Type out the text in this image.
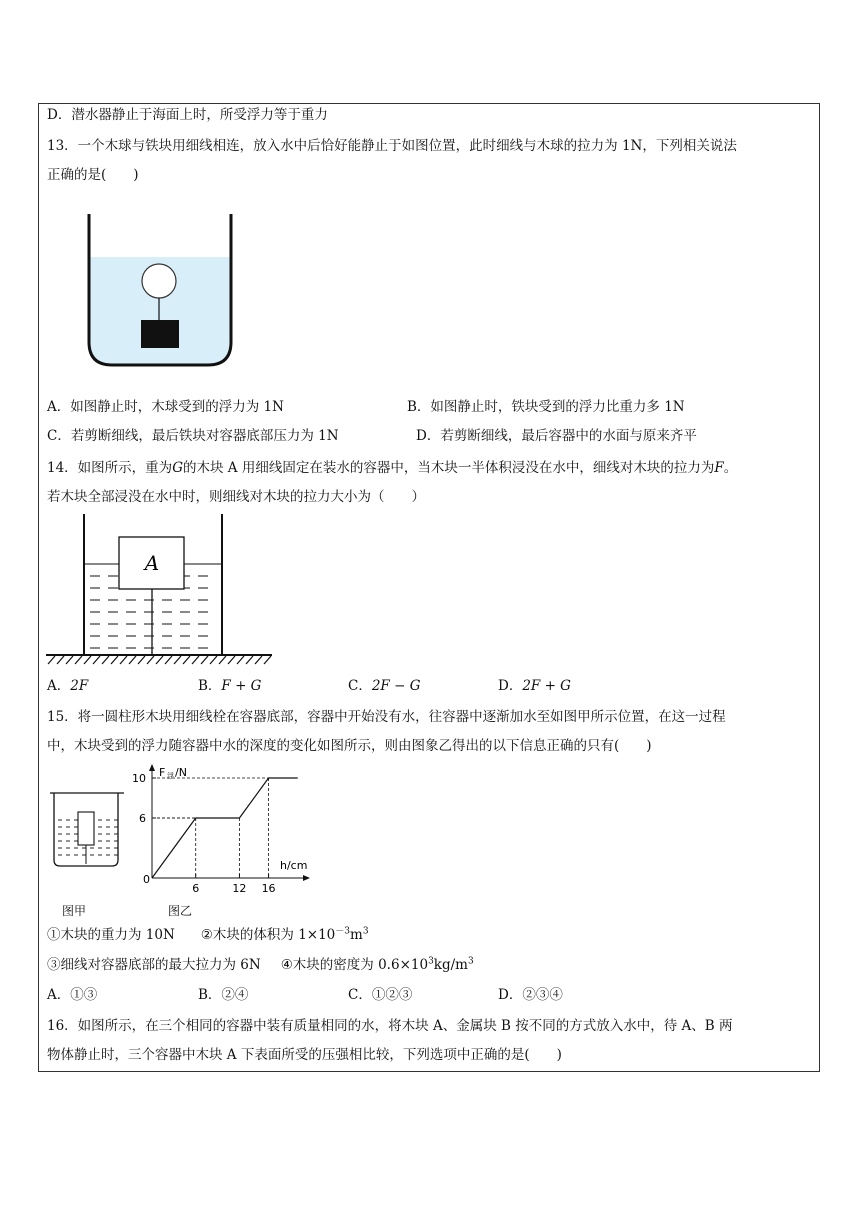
D．潜水器静止于海面上时，所受浮力等于重力
13．一个木球与铁块用细线相连，放入水中后恰好能静止于如图位置，此时细线与木球的拉力为 1N，下列相关说法
正确的是(　　)
A．如图静止时，木球受到的浮力为 1N	B．如图静止时，铁块受到的浮力比重力多 1N
C．若剪断细线，最后铁块对容器底部压力为 1N	D．若剪断细线，最后容器中的水面与原来齐平
14．如图所示，重为G的木块 A 用细线固定在装水的容器中，当木块一半体积浸没在水中，细线对木块的拉力为F。
若木块全部浸没在水中时，则细线对木块的拉力大小为（　　）
A
A．2F	B．F + G	C．2F − G	D．2F + G
15．将一圆柱形木块用细线栓在容器底部，容器中开始没有水，往容器中逐渐加水至如图甲所示位置，在这一过程
中，木块受到的浮力随容器中水的深度的变化如图所示，则由图象乙得出的以下信息正确的只有(　　)
图甲
F 浮 /N
h/cm
0
6
10
6	12 16
图乙
①木块的重力为 10N ②木块的体积为 $1\times 10^{-3}m^3$
③细线对容器底部的最大拉力为 6N ④木块的密度为 $0.6\times 10^3kg/m^3$
A．①③	B．②④	C．①②③	D．②③④
16．如图所示，在三个相同的容器中装有质量相同的水，将木块 A、金属块 B 按不同的方式放入水中，待 A、B 两
物体静止时，三个容器中木块 A 下表面所受的压强相比较，下列选项中正确的是(　　)
